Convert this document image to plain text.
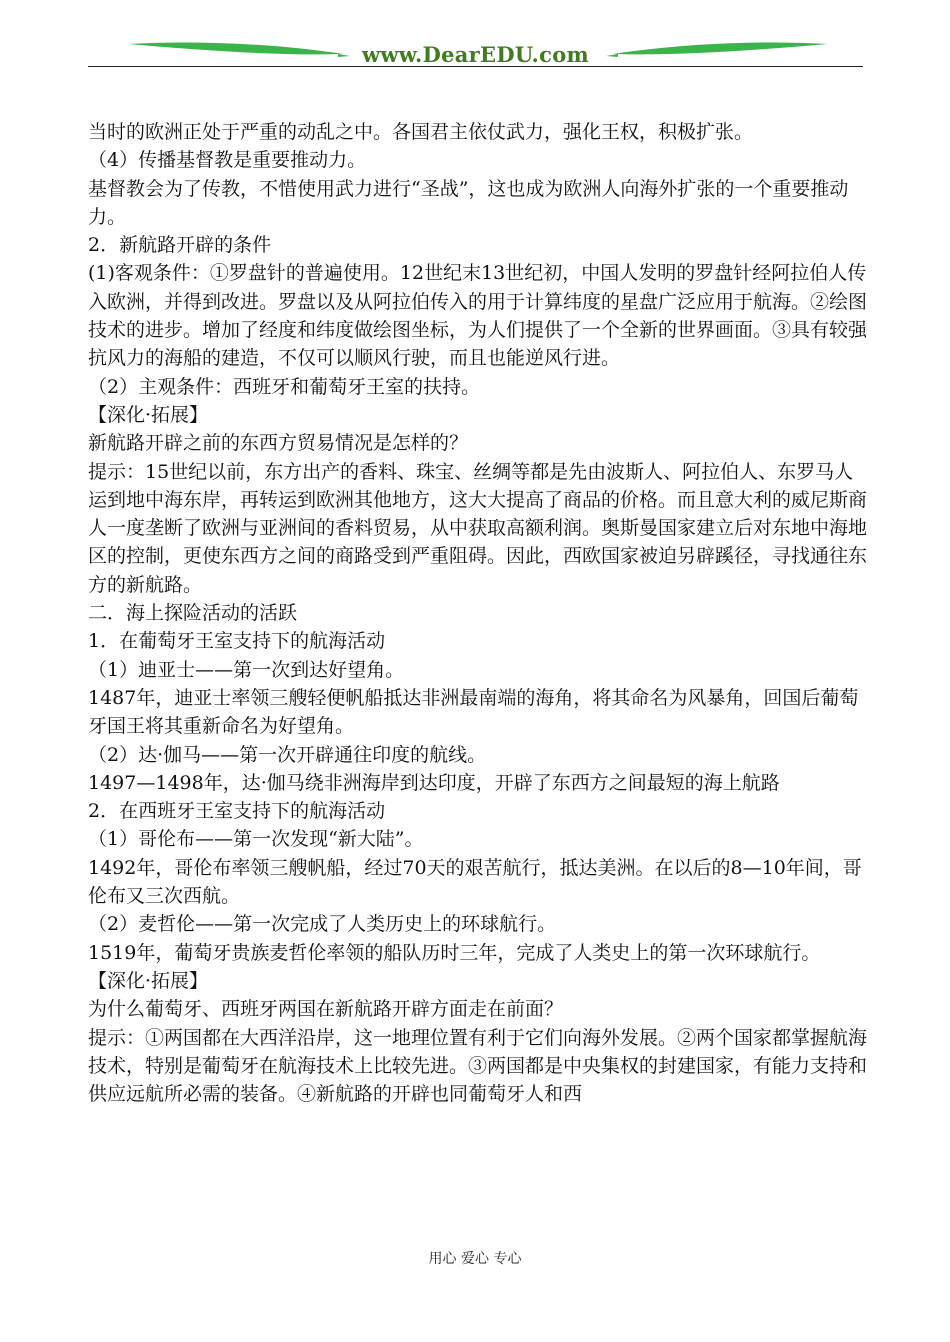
www.DearEDU.com

当时的欧洲正处于严重的动乱之中。各国君主依仗武力，强化王权，积极扩张。

（4）传播基督教是重要推动力。

基督教会为了传教，不惜使用武力进行“圣战”，这也成为欧洲人向海外扩张的一个重要推动力。

2．新航路开辟的条件

(1)客观条件：①罗盘针的普遍使用。12世纪末13世纪初，中国人发明的罗盘针经阿拉伯人传入欧洲，并得到改进。罗盘以及从阿拉伯传入的用于计算纬度的星盘广泛应用于航海。②绘图技术的进步。增加了经度和纬度做绘图坐标，为人们提供了一个全新的世界画面。③具有较强抗风力的海船的建造，不仅可以顺风行驶，而且也能逆风行进。

（2）主观条件：西班牙和葡萄牙王室的扶持。

【深化·拓展】

新航路开辟之前的东西方贸易情况是怎样的？

提示：15世纪以前，东方出产的香料、珠宝、丝绸等都是先由波斯人、阿拉伯人、东罗马人运到地中海东岸，再转运到欧洲其他地方，这大大提高了商品的价格。而且意大利的威尼斯商人一度垄断了欧洲与亚洲间的香料贸易，从中获取高额利润。奥斯曼国家建立后对东地中海地区的控制，更使东西方之间的商路受到严重阻碍。因此，西欧国家被迫另辟蹊径，寻找通往东方的新航路。

二．海上探险活动的活跃

1．在葡萄牙王室支持下的航海活动

（1）迪亚士——第一次到达好望角。

1487年，迪亚士率领三艘轻便帆船抵达非洲最南端的海角，将其命名为风暴角，回国后葡萄牙国王将其重新命名为好望角。

（2）达·伽马——第一次开辟通往印度的航线。

1497—1498年，达·伽马绕非洲海岸到达印度，开辟了东西方之间最短的海上航路

2．在西班牙王室支持下的航海活动

（1）哥伦布——第一次发现“新大陆”。

1492年，哥伦布率领三艘帆船，经过70天的艰苦航行，抵达美洲。在以后的8—10年间，哥伦布又三次西航。

（2）麦哲伦——第一次完成了人类历史上的环球航行。

1519年，葡萄牙贵族麦哲伦率领的船队历时三年，完成了人类史上的第一次环球航行。

【深化·拓展】

为什么葡萄牙、西班牙两国在新航路开辟方面走在前面？

提示：①两国都在大西洋沿岸，这一地理位置有利于它们向海外发展。②两个国家都掌握航海技术，特别是葡萄牙在航海技术上比较先进。③两国都是中央集权的封建国家，有能力支持和供应远航所必需的装备。④新航路的开辟也同葡萄牙人和西

用心 爱心 专心
